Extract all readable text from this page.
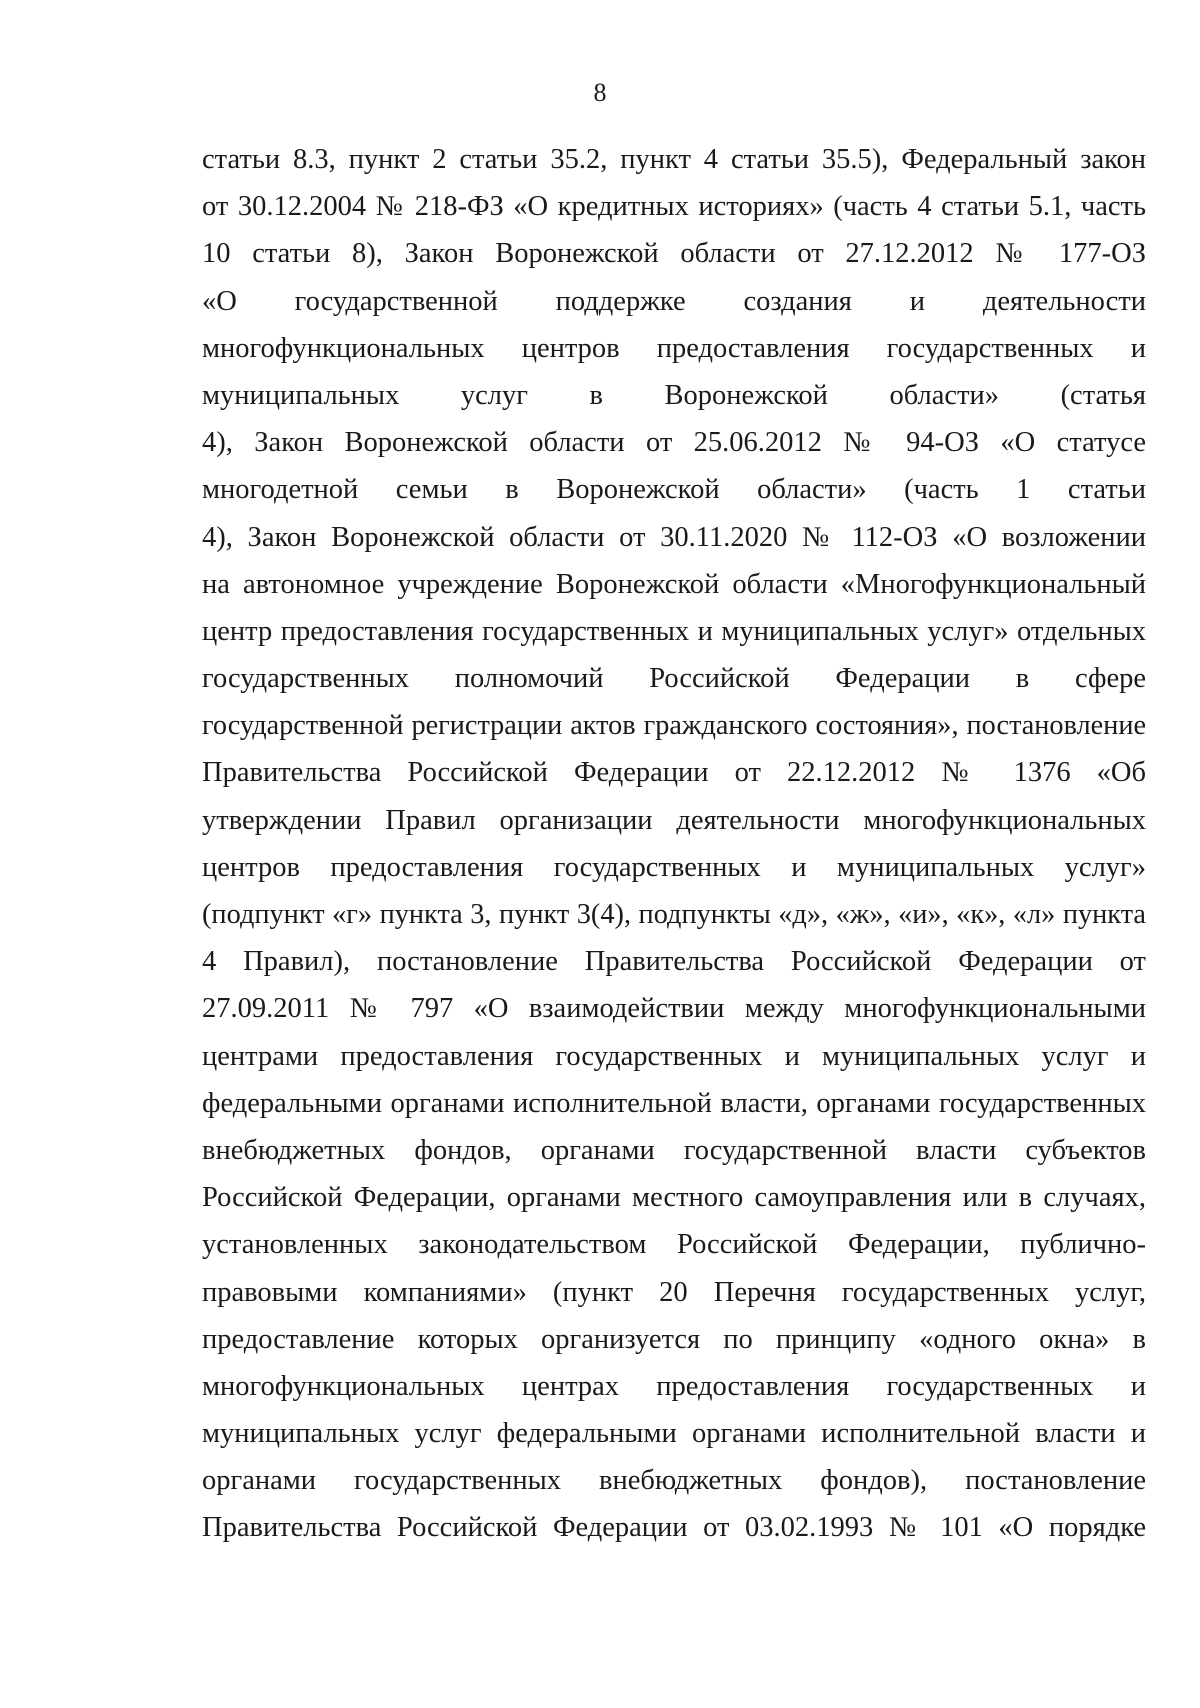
8
статьи 8.3, пункт 2 статьи 35.2, пункт 4 статьи 35.5), Федеральный закон
от 30.12.2004 № 218-ФЗ «О кредитных историях» (часть 4 статьи 5.1, часть
10 статьи 8), Закон Воронежской области от 27.12.2012 № 177-ОЗ
«О государственной поддержке создания и деятельности
многофункциональных центров предоставления государственных и
муниципальных услуг в Воронежской области» (статья
4), Закон Воронежской области от 25.06.2012 № 94-ОЗ «О статусе
многодетной семьи в Воронежской области» (часть 1 статьи
4), Закон Воронежской области от 30.11.2020 № 112-ОЗ «О возложении
на автономное учреждение Воронежской области «Многофункциональный
центр предоставления государственных и муниципальных услуг» отдельных
государственных полномочий Российской Федерации в сфере
государственной регистрации актов гражданского состояния», постановление
Правительства Российской Федерации от 22.12.2012 № 1376 «Об
утверждении Правил организации деятельности многофункциональных
центров предоставления государственных и муниципальных услуг»
(подпункт «г» пункта 3, пункт 3(4), подпункты «д», «ж», «и», «к», «л» пункта
4 Правил), постановление Правительства Российской Федерации от
27.09.2011 № 797 «О взаимодействии между многофункциональными
центрами предоставления государственных и муниципальных услуг и
федеральными органами исполнительной власти, органами государственных
внебюджетных фондов, органами государственной власти субъектов
Российской Федерации, органами местного самоуправления или в случаях,
установленных законодательством Российской Федерации, публично-
правовыми компаниями» (пункт 20 Перечня государственных услуг,
предоставление которых организуется по принципу «одного окна» в
многофункциональных центрах предоставления государственных и
муниципальных услуг федеральными органами исполнительной власти и
органами государственных внебюджетных фондов), постановление
Правительства Российской Федерации от 03.02.1993 № 101 «О порядке
